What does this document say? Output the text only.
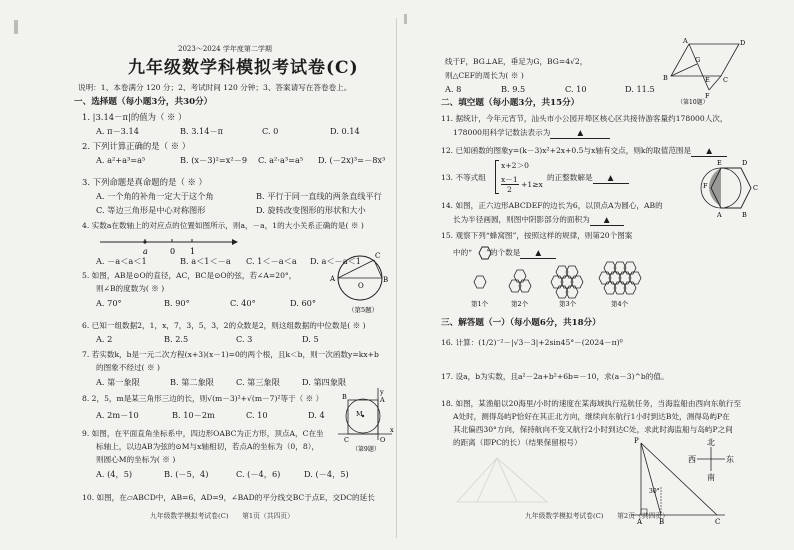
2023～2024 学年度第二学期
九年级数学科模拟考试卷(C)
说明：1、本卷满分 120 分；2、考试时间 120 分钟；3、答案请写在答卷卷上。
一、选择题（每小题3分，共30分）
1. |3.14－π|的值为（ ※ ）
A. π－3.14	B. 3.14－π	C. 0	D. 0.14
2. 下列计算正确的是（ ※ ）
A. a²+a³=a⁵	B. (x－3)²=x²－9 C. a²·a³=a⁵ D. (－2x)³=－8x³
3. 下列命题是真命题的是（ ※ ）
A. 一个角的补角一定大于这个角	B. 平行于同一直线的两条直线平行
C. 等边三角形是中心对称图形	D. 旋转改变图形的形状和大小
4. 实数a在数轴上的对应点的位置如图所示，则a，－a，1的大小关系正确的是( ※ )
a	0 1
A. －a＜a＜1	B. a＜1＜－a C. 1＜－a＜a D. a＜－a＜1
5. 如图，AB是⊙O的直径，AC，BC是⊙O的弦，若∠A=20°，
则∠B的度数为( ※ )
A. 70°	B. 90°	C. 40°	D. 60°
A
C
B
O
（第5题）
6. 已知一组数据2，1，x，7，3，5，3，2的众数是2，则这组数据的中位数是( ※ )
A. 2	B. 2.5	C. 3	D. 5
7. 若实数k，b是一元二次方程(x+3)(x－1)=0的两个根，且k＜b，则一次函数y=kx+b
的图象不经过( ※ )
A. 第一象限	B. 第二象限	C. 第三象限	D. 第四象限
8. 2，5，m是某三角形三边的长，则√(m－3)²+√(m－7)²等于（ ※ ）
A. 2m－10	B. 10－2m	C. 10	D. 4
y
B	A
M
O
C
x
（第9题）
9. 如图，在平面直角坐标系中，四边形OABC为正方形，顶点A，C在坐
标轴上，以边AB为弦的⊙M与x轴相切，若点A的坐标为（0，8），
则圆心M的坐标为( ※ )
A. (4，5)	B. (－5，4)	C. (－4，6)	D. (－4，5)
10. 如图，在▱ABCD中，AB=6，AD=9，∠BAD的平分线交BC于点E，交DC的延长
九年级数学模拟考试卷(C)　　第1页（共四页）
线于F，BG⊥AE，垂足为G，BG=4√2，
则△CEF的周长为( ※ )
A. 8	B. 9.5	C. 10	D. 11.5
A	D
G
B	E C
F
（第10题）
二、填空题（每小题3分，共15分）
11. 据统计，今年元宵节，汕头市小公园开埠区核心区共接待游客量约178000人次，
178000用科学记数法表示为	▲
12. 已知函数的图象y=(k－3)x²+2x+0.5与x轴有交点，则k的取值范围是 ▲
13. 不等式组
x+2＞0
x－1
2
+1≥x
的正整数解是 ▲
14. 如图，正六边形ABCDEF的边长为6，以顶点A为圆心，AB的
长为半径画圆，则图中阴影部分的面积为 ▲
E	D
F	C
A	B
15. 观察下列“蜂窝图”，按照这样的规律，则第20个图案
中的“ ”的个数是 ▲
第1个	第2个	第3个	第4个
三、解答题（一）（每小题6分，共18分）
16. 计算：(1/2)⁻²－|√3－3|+2sin45°－(2024－π)⁰
17. 设a，b为实数，且a²－2a+b²+6b=－10，求(a－3)^b的值。
18. 如图，某渔船以20海里/小时的速度在某海域执行巡航任务，当海监船由西向东航行至
A处时，测得岛屿P恰好在其正北方向，继续向东航行1小时到达B处，测得岛屿P在
其北偏西30°方向，保持航向不变又航行2小时到达C处，求此时海监船与岛屿P之间
的距离（即PC的长）（结果保留根号）	P
30°
A B	C
北
西	东
南
九年级数学模拟考试卷(C)　　第2页（共四页）
